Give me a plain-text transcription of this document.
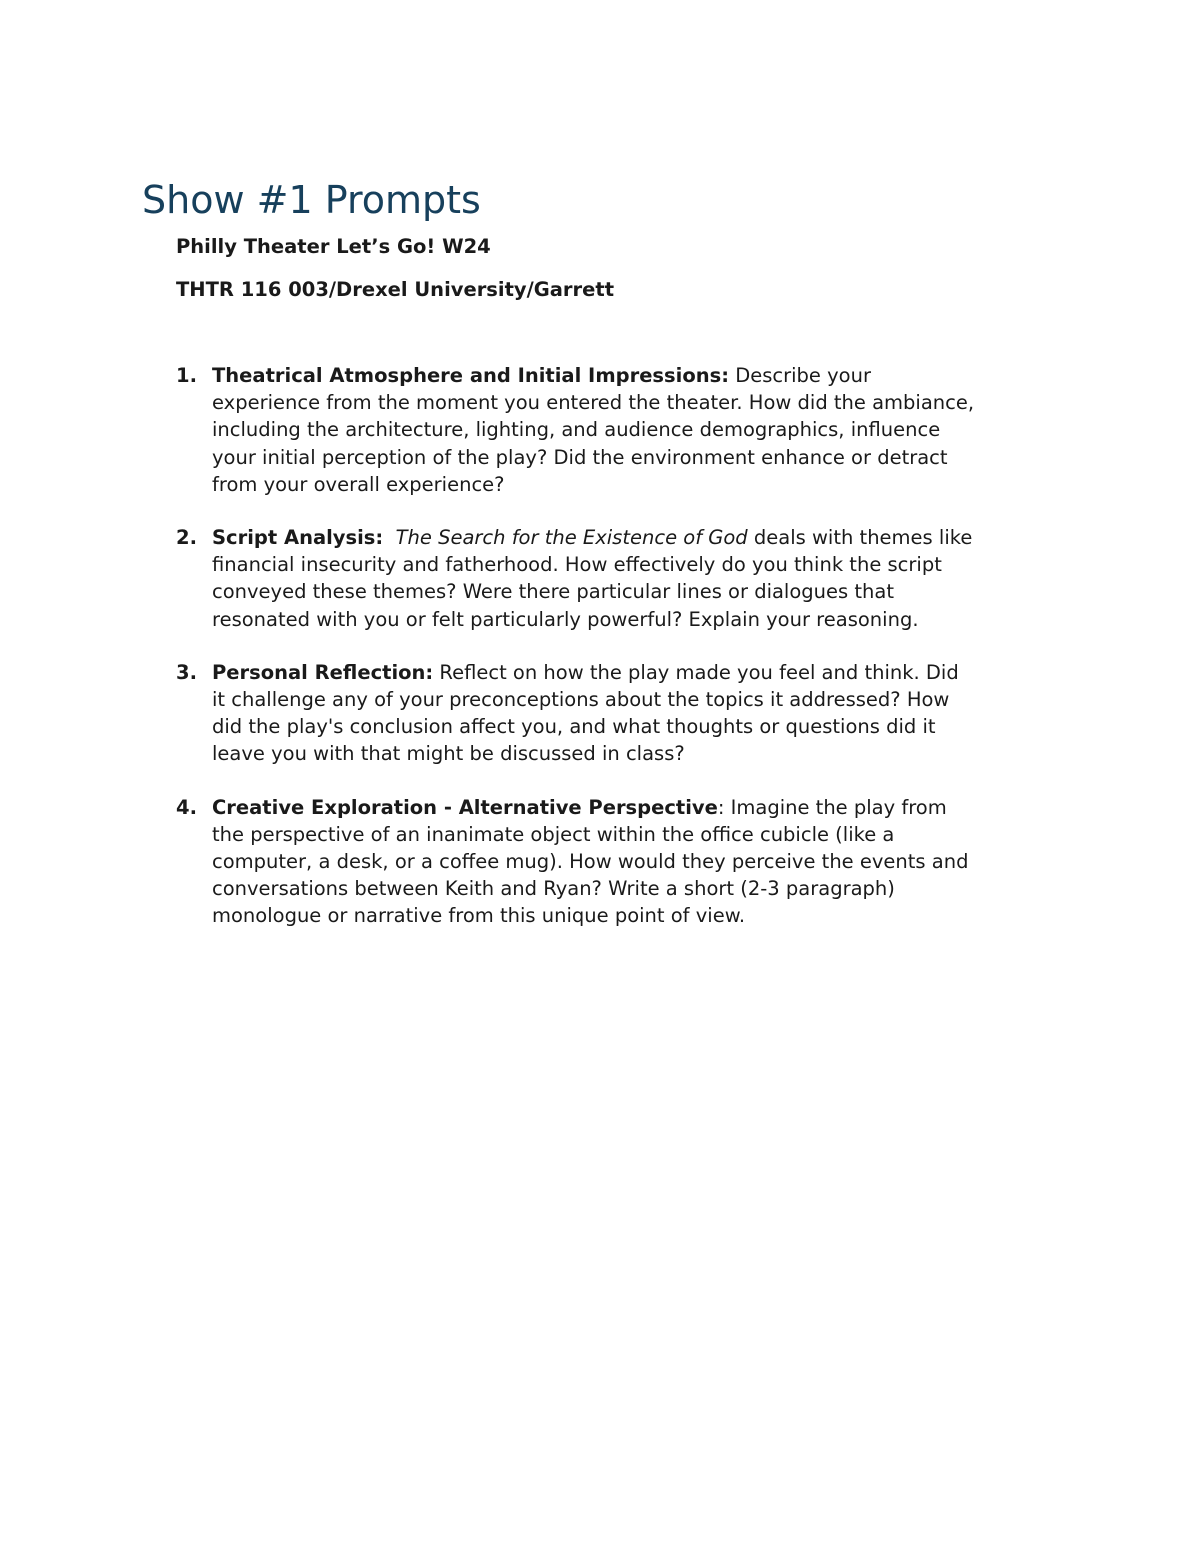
Show #1 Prompts

Philly Theater Let’s Go! W24

THTR 116 003/Drexel University/Garrett

1. Theatrical Atmosphere and Initial Impressions: Describe your
experience from the moment you entered the theater. How did the ambiance,
including the architecture, lighting, and audience demographics, influence
your initial perception of the play? Did the environment enhance or detract
from your overall experience?
2. Script Analysis: The Search for the Existence of God deals with themes like
financial insecurity and fatherhood. How effectively do you think the script
conveyed these themes? Were there particular lines or dialogues that
resonated with you or felt particularly powerful? Explain your reasoning.
3. Personal Reflection: Reflect on how the play made you feel and think. Did
it challenge any of your preconceptions about the topics it addressed? How
did the play's conclusion affect you, and what thoughts or questions did it
leave you with that might be discussed in class?
4. Creative Exploration - Alternative Perspective: Imagine the play from
the perspective of an inanimate object within the office cubicle (like a
computer, a desk, or a coffee mug). How would they perceive the events and
conversations between Keith and Ryan? Write a short (2-3 paragraph)
monologue or narrative from this unique point of view.
